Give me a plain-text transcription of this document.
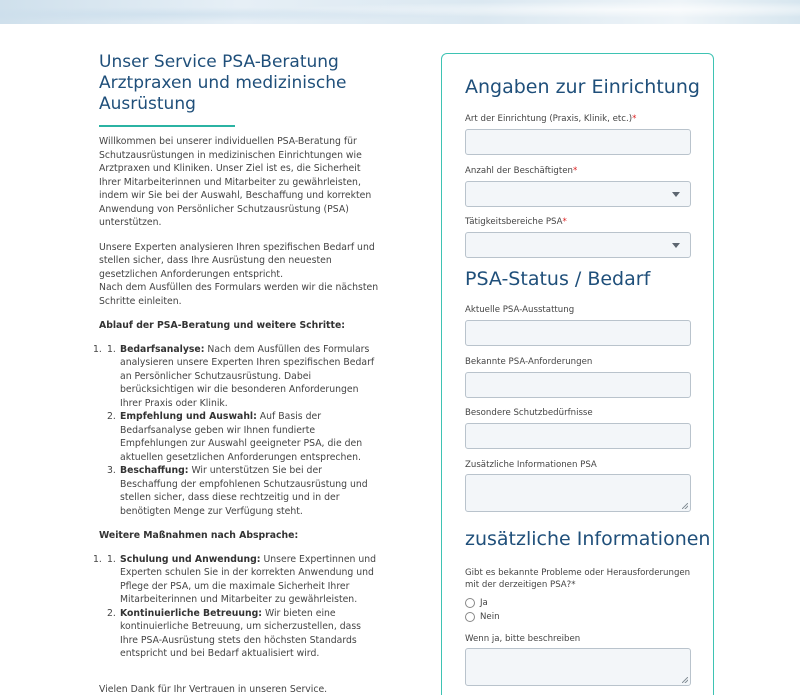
Unser Service PSA-Beratung
Arztpraxen und medizinische
Ausrüstung

Willkommen bei unserer individuellen PSA-Beratung für Schutzausrüstungen in medizinischen Einrichtungen wie Arztpraxen und Kliniken. Unser Ziel ist es, die Sicherheit Ihrer Mitarbeiterinnen und Mitarbeiter zu gewährleisten, indem wir Sie bei der Auswahl, Beschaffung und korrekten Anwendung von Persönlicher Schutzausrüstung (PSA) unterstützen.

Unsere Experten analysieren Ihren spezifischen Bedarf und stellen sicher, dass Ihre Ausrüstung den neuesten gesetzlichen Anforderungen entspricht.
Nach dem Ausfüllen des Formulars werden wir die nächsten Schritte einleiten.

Ablauf der PSA-Beratung und weitere Schritte:
1. 1. Bedarfsanalyse: Nach dem Ausfüllen des Formulars analysieren unsere Experten Ihren spezifischen Bedarf an Persönlicher Schutzausrüstung. Dabei berücksichtigen wir die besonderen Anforderungen Ihrer Praxis oder Klinik.
2. Empfehlung und Auswahl: Auf Basis der Bedarfsanalyse geben wir Ihnen fundierte Empfehlungen zur Auswahl geeigneter PSA, die den aktuellen gesetzlichen Anforderungen entsprechen.
3. Beschaffung: Wir unterstützen Sie bei der Beschaffung der empfohlenen Schutzausrüstung und stellen sicher, dass diese rechtzeitig und in der benötigten Menge zur Verfügung steht.
Weitere Maßnahmen nach Absprache:
1. 1. Schulung und Anwendung: Unsere Expertinnen und Experten schulen Sie in der korrekten Anwendung und Pflege der PSA, um die maximale Sicherheit Ihrer Mitarbeiterinnen und Mitarbeiter zu gewährleisten.
2. Kontinuierliche Betreuung: Wir bieten eine kontinuierliche Betreuung, um sicherzustellen, dass Ihre PSA-Ausrüstung stets den höchsten Standards entspricht und bei Bedarf aktualisiert wird.

Vielen Dank für Ihr Vertrauen in unseren Service.

Angaben zur Einrichtung
Art der Einrichtung (Praxis, Klinik, etc.)*
Anzahl der Beschäftigten*
Tätigkeitsbereiche PSA*
PSA-Status / Bedarf
Aktuelle PSA-Ausstattung
Bekannte PSA-Anforderungen
Besondere Schutzbedürfnisse
Zusätzliche Informationen PSA
zusätzliche Informationen
Gibt es bekannte Probleme oder Herausforderungen mit der derzeitigen PSA?*
Ja
Nein
Wenn ja, bitte beschreiben
